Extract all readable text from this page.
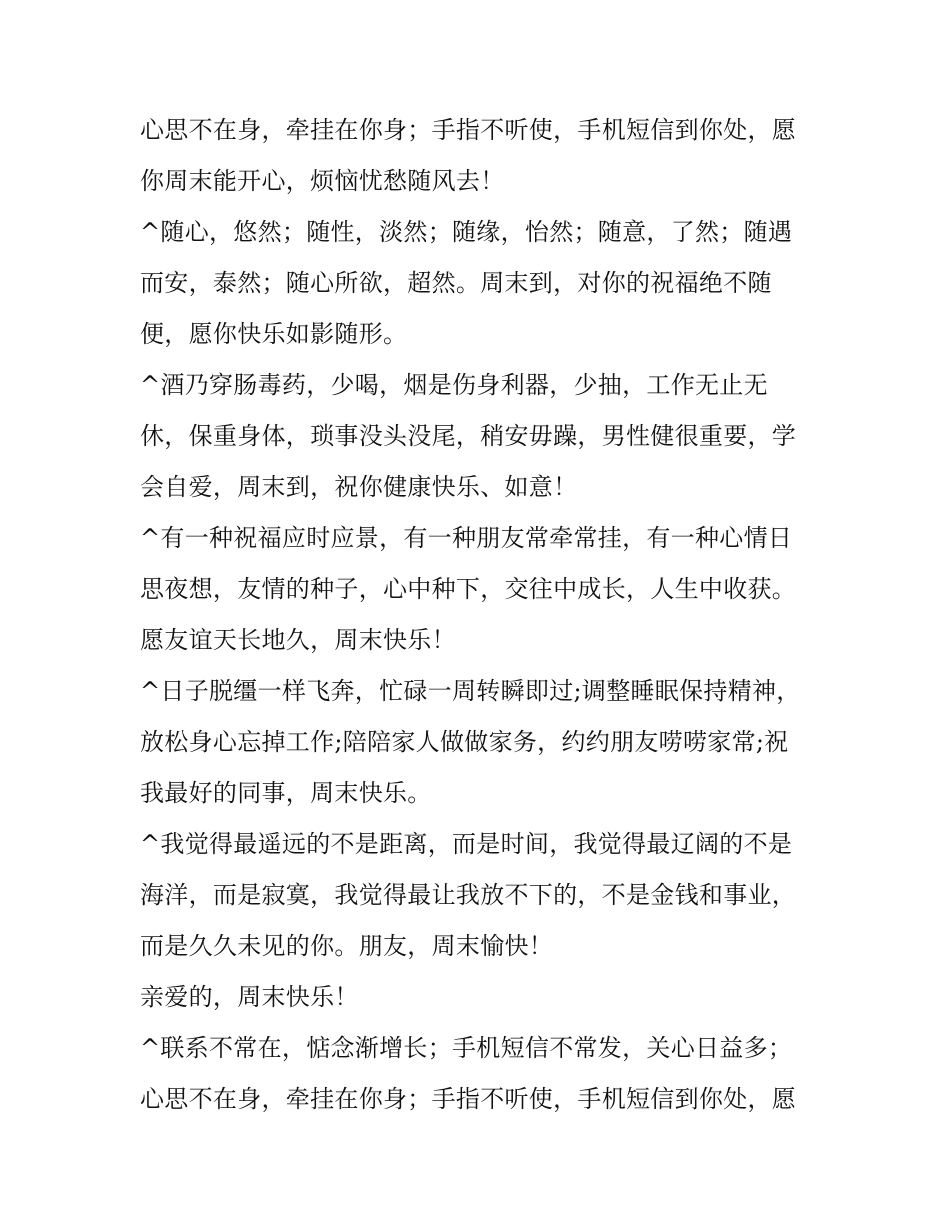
心思不在身，牵挂在你身；手指不听使，手机短信到你处，愿
你周末能开心，烦恼忧愁随风去！
^随心，悠然；随性，淡然；随缘，怡然；随意，了然；随遇
而安，泰然；随心所欲，超然。周末到，对你的祝福绝不随
便，愿你快乐如影随形。
^酒乃穿肠毒药，少喝，烟是伤身利器，少抽，工作无止无
休，保重身体，琐事没头没尾，稍安毋躁，男性健很重要，学
会自爱，周末到，祝你健康快乐、如意！
^有一种祝福应时应景，有一种朋友常牵常挂，有一种心情日
思夜想，友情的种子，心中种下，交往中成长，人生中收获。
愿友谊天长地久，周末快乐！
^日子脱缰一样飞奔，忙碌一周转瞬即过;调整睡眠保持精神，
放松身心忘掉工作;陪陪家人做做家务，约约朋友唠唠家常;祝
我最好的同事，周末快乐。
^我觉得最遥远的不是距离，而是时间，我觉得最辽阔的不是
海洋，而是寂寞，我觉得最让我放不下的，不是金钱和事业，
而是久久未见的你。朋友，周末愉快！
亲爱的，周末快乐！
^联系不常在，惦念渐增长；手机短信不常发，关心日益多；
心思不在身，牵挂在你身；手指不听使，手机短信到你处，愿
